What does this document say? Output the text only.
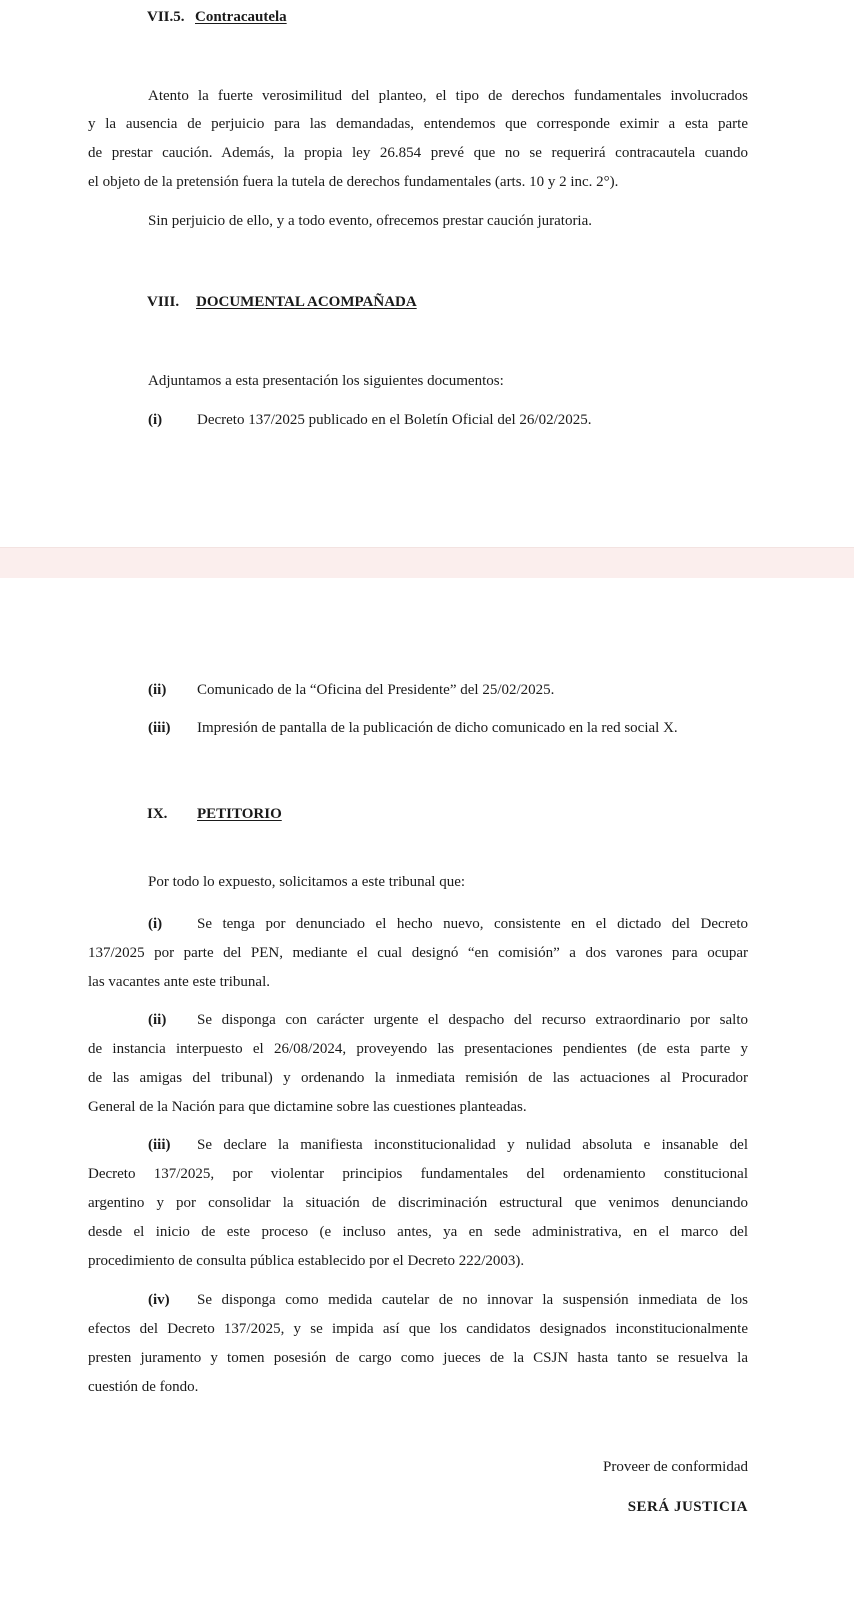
VII.5. Contracautela
Atento la fuerte verosimilitud del planteo, el tipo de derechos fundamentales involucrados
y la ausencia de perjuicio para las demandadas, entendemos que corresponde eximir a esta parte
de prestar caución. Además, la propia ley 26.854 prevé que no se requerirá contracautela cuando
el objeto de la pretensión fuera la tutela de derechos fundamentales (arts. 10 y 2 inc. 2°).
Sin perjuicio de ello, y a todo evento, ofrecemos prestar caución juratoria.
VIII. DOCUMENTAL ACOMPAÑADA
Adjuntamos a esta presentación los siguientes documentos:
(i) Decreto 137/2025 publicado en el Boletín Oficial del 26/02/2025.
(ii) Comunicado de la “Oficina del Presidente” del 25/02/2025.
(iii) Impresión de pantalla de la publicación de dicho comunicado en la red social X.
IX. PETITORIO
Por todo lo expuesto, solicitamos a este tribunal que:
(i) Se tenga por denunciado el hecho nuevo, consistente en el dictado del Decreto
137/2025 por parte del PEN, mediante el cual designó “en comisión” a dos varones para ocupar
las vacantes ante este tribunal.
(ii) Se disponga con carácter urgente el despacho del recurso extraordinario por salto
de instancia interpuesto el 26/08/2024, proveyendo las presentaciones pendientes (de esta parte y
de las amigas del tribunal) y ordenando la inmediata remisión de las actuaciones al Procurador
General de la Nación para que dictamine sobre las cuestiones planteadas.
(iii) Se declare la manifiesta inconstitucionalidad y nulidad absoluta e insanable del
Decreto 137/2025, por violentar principios fundamentales del ordenamiento constitucional
argentino y por consolidar la situación de discriminación estructural que venimos denunciando
desde el inicio de este proceso (e incluso antes, ya en sede administrativa, en el marco del
procedimiento de consulta pública establecido por el Decreto 222/2003).
(iv) Se disponga como medida cautelar de no innovar la suspensión inmediata de los
efectos del Decreto 137/2025, y se impida así que los candidatos designados inconstitucionalmente
presten juramento y tomen posesión de cargo como jueces de la CSJN hasta tanto se resuelva la
cuestión de fondo.
Proveer de conformidad
SERÁ JUSTICIA
